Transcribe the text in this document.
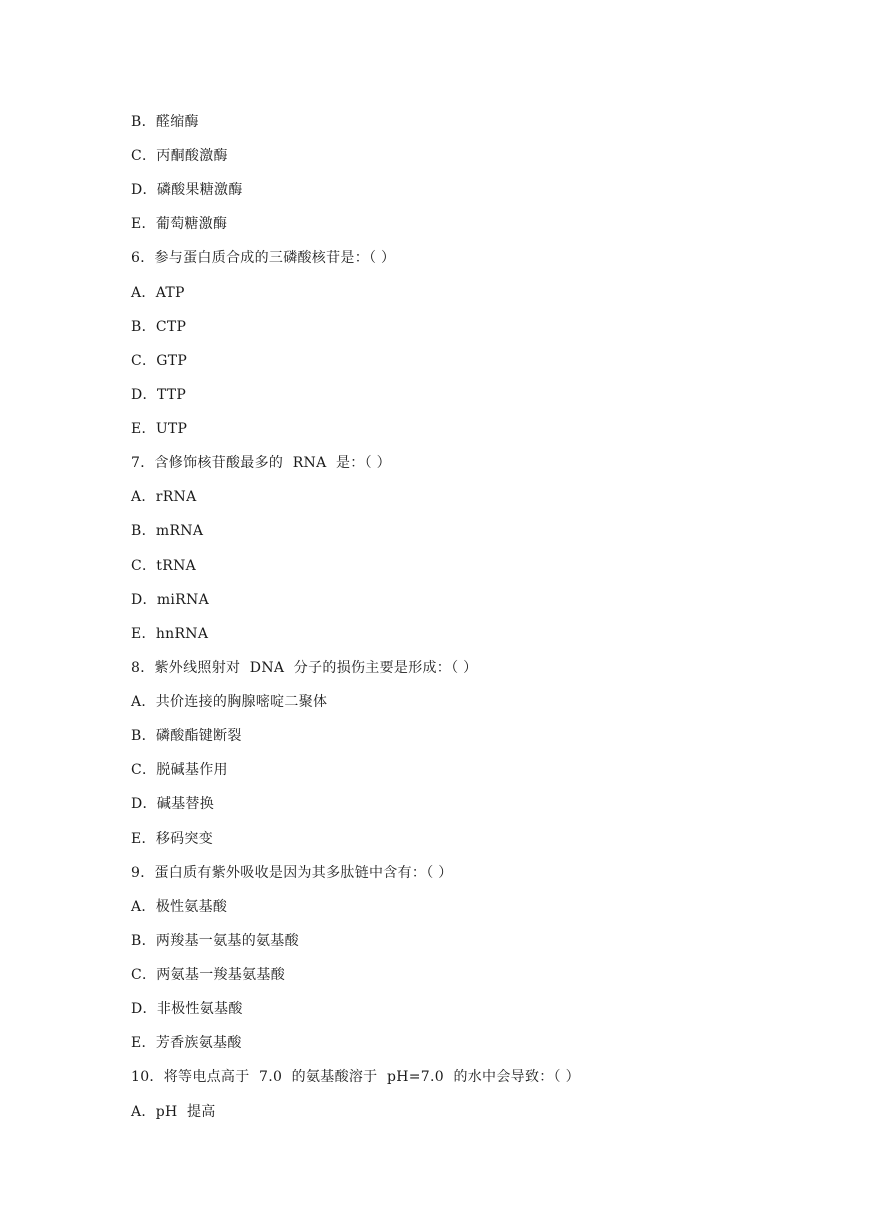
B．醛缩酶
C．丙酮酸激酶
D．磷酸果糖激酶
E．葡萄糖激酶
6．参与蛋白质合成的三磷酸核苷是：（ ）
A．ATP
B．CTP
C．GTP
D．TTP
E．UTP
7．含修饰核苷酸最多的  RNA  是：（ ）
A．rRNA
B．mRNA
C．tRNA
D．miRNA
E．hnRNA
8．紫外线照射对  DNA  分子的损伤主要是形成：（ ）
A．共价连接的胸腺嘧啶二聚体
B．磷酸酯键断裂
C．脱碱基作用
D．碱基替换
E．移码突变
9．蛋白质有紫外吸收是因为其多肽链中含有：（ ）
A．极性氨基酸
B．两羧基一氨基的氨基酸
C．两氨基一羧基氨基酸
D．非极性氨基酸
E．芳香族氨基酸
10．将等电点高于  7.0  的氨基酸溶于  pH=7.0  的水中会导致：（ ）
A．pH  提高
